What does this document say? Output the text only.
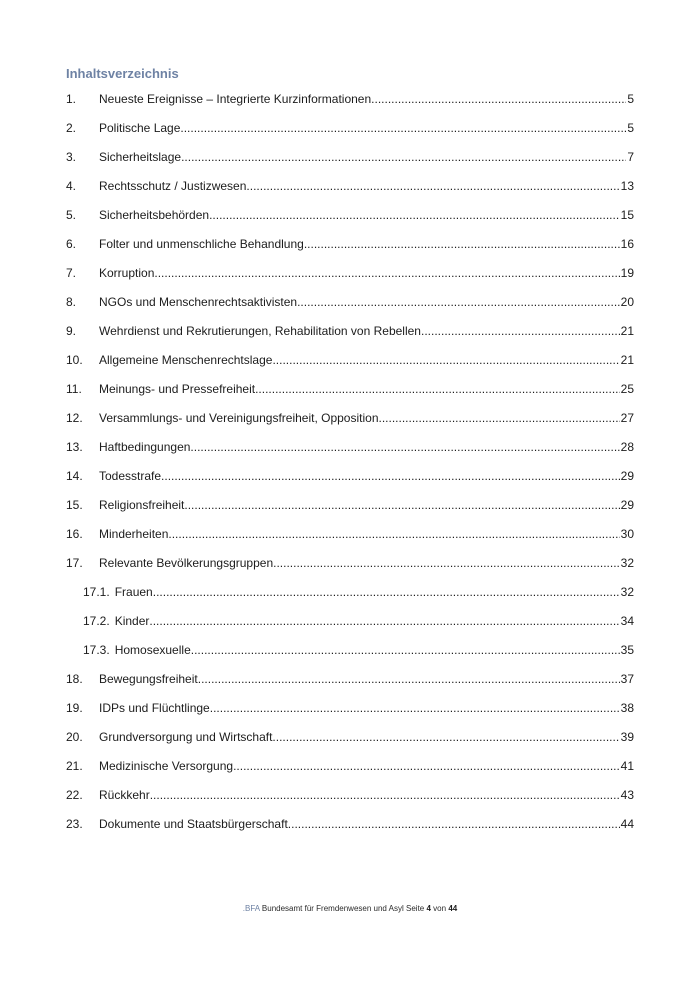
Inhaltsverzeichnis
1.	Neueste Ereignisse – Integrierte Kurzinformationen .....	5
2.	Politische Lage .....	5
3.	Sicherheitslage .....	7
4.	Rechtsschutz / Justizwesen .....	13
5.	Sicherheitsbehörden .....	15
6.	Folter und unmenschliche Behandlung .....	16
7.	Korruption .....	19
8.	NGOs und Menschenrechtsaktivisten .....	20
9.	Wehrdienst und Rekrutierungen, Rehabilitation von Rebellen .....	21
10.	Allgemeine Menschenrechtslage .....	21
11.	Meinungs- und Pressefreiheit .....	25
12.	Versammlungs- und Vereinigungsfreiheit, Opposition .....	27
13.	Haftbedingungen .....	28
14.	Todesstrafe .....	29
15.	Religionsfreiheit .....	29
16.	Minderheiten .....	30
17.	Relevante Bevölkerungsgruppen .....	32
17.1. Frauen .....	32
17.2. Kinder .....	34
17.3. Homosexuelle .....	35
18.	Bewegungsfreiheit .....	37
19.	IDPs und Flüchtlinge .....	38
20.	Grundversorgung und Wirtschaft .....	39
21.	Medizinische Versorgung .....	41
22.	Rückkehr .....	43
23.	Dokumente und Staatsbürgerschaft .....	44
.BFA Bundesamt für Fremdenwesen und Asyl Seite 4 von 44
